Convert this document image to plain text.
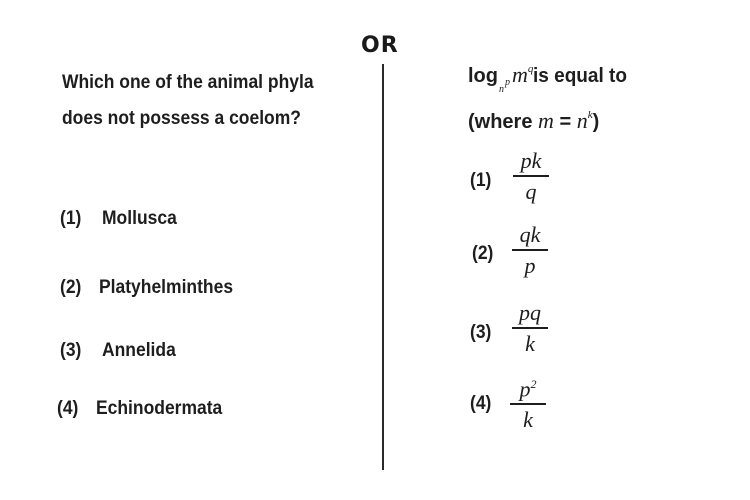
OR
Which one of the animal phyla
does not possess a coelom?
(1) Mollusca
(2) Platyhelminthes
(3) Annelida
(4) Echinodermata
log
n
p $m^qis$ equal to
(where $m = n^k$)
(1)
pk
q
(2)
qk
p
(3)
pq
k
(4)
$p^2$
k
